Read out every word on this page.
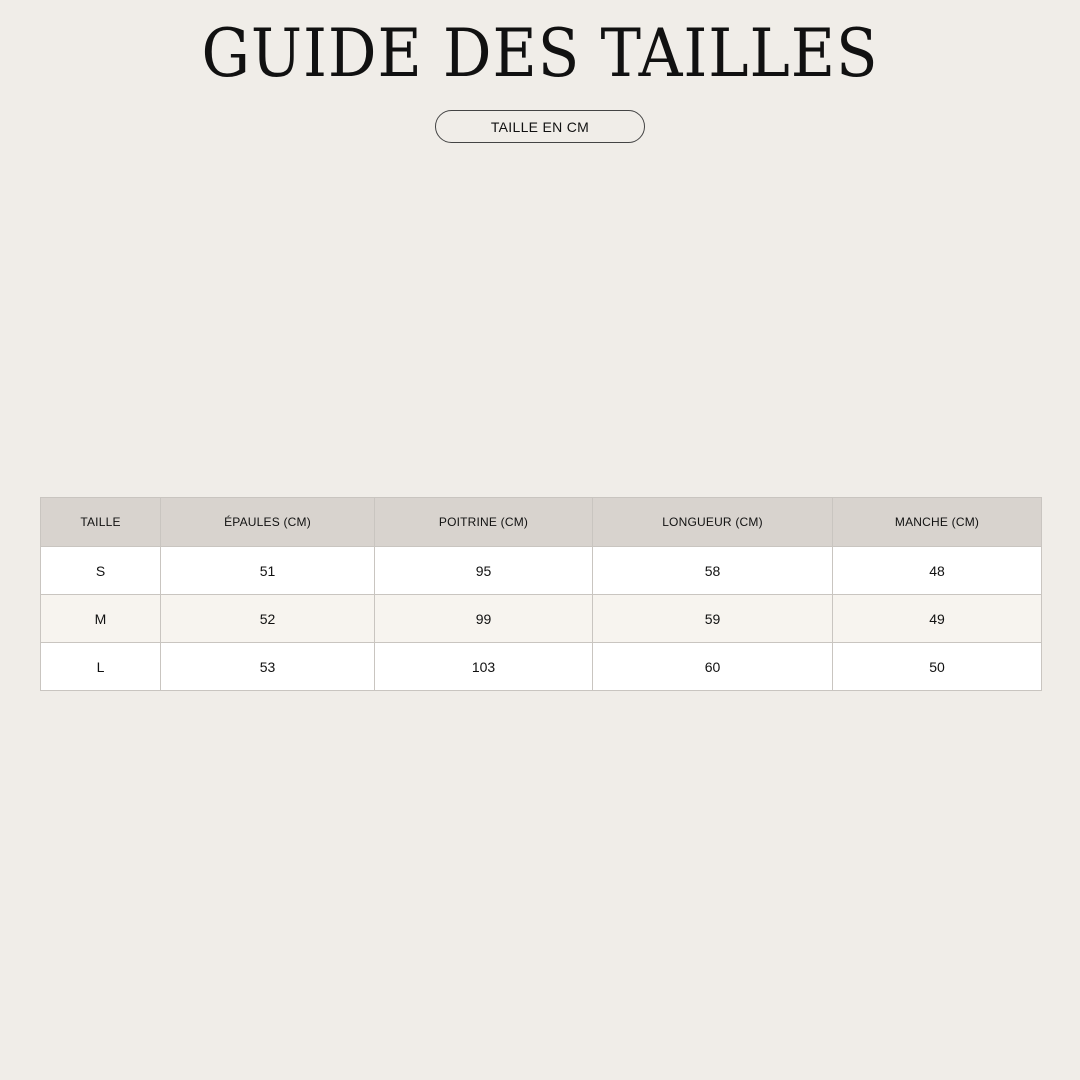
GUIDE DES TAILLES
TAILLE EN CM
TAILLE	ÉPAULES (CM)	POITRINE (CM)	LONGUEUR (CM)	MANCHE (CM)
S	51	95	58	48
M	52	99	59	49
L	53	103	60	50
